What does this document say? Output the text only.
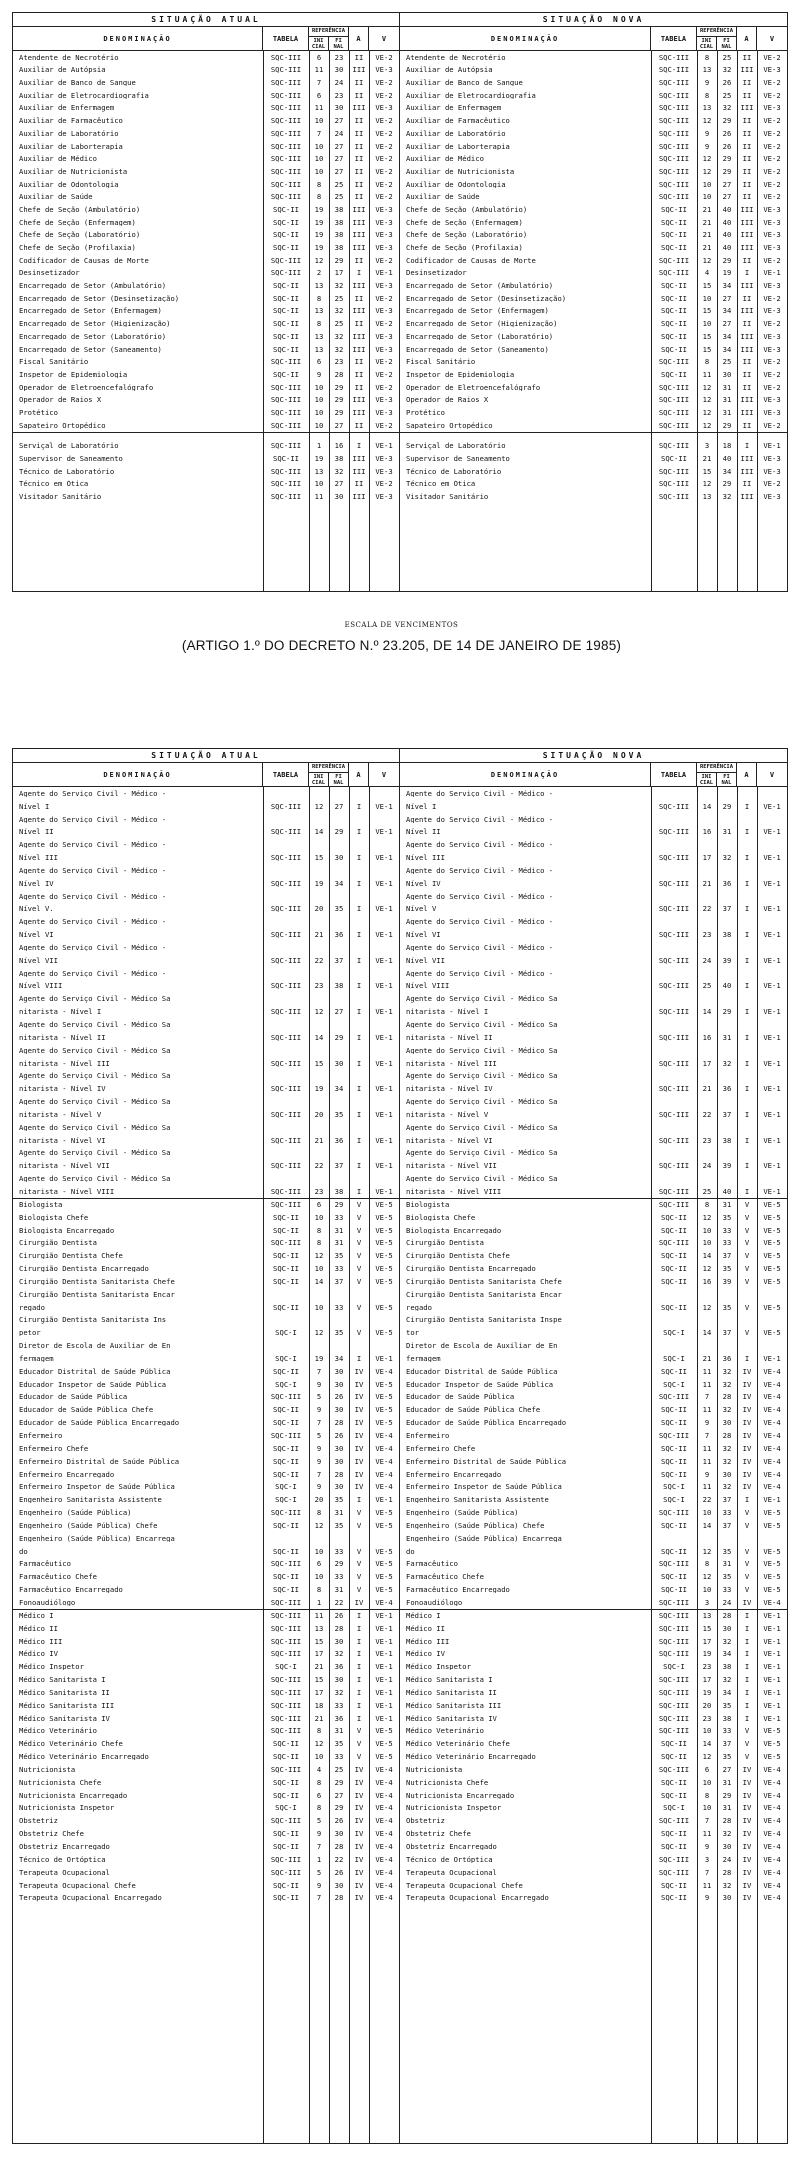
SITUAÇÃO ATUAL
DENOMINAÇÃO	TABELA
REFERÊNCIA
INI CIAL
FI NAL
A	V
Atendente de Necrotério	SQC-III	6	23	II	VE-2
Auxiliar de Autópsia	SQC-III	11	30	III	VE-3
Auxiliar de Banco de Sangue	SQC-III	7	24	II	VE-2
Auxiliar de Eletrocardiografia	SQC-III	6	23	II	VE-2
Auxiliar de Enfermagem	SQC-III	11	30	III	VE-3
Auxiliar de Farmacêutico	SQC-III	10	27	II	VE-2
Auxiliar de Laboratório	SQC-III	7	24	II	VE-2
Auxiliar de Laborterapia	SQC-III	10	27	II	VE-2
Auxiliar de Médico	SQC-III	10	27	II	VE-2
Auxiliar de Nutricionista	SQC-III	10	27	II	VE-2
Auxiliar de Odontologia	SQC-III	8	25	II	VE-2
Auxiliar de Saúde	SQC-III	8	25	II	VE-2
Chefe de Seção (Ambulatório)	SQC-II	19	38	III	VE-3
Chefe de Seção (Enfermagem)	SQC-II	19	38	III	VE-3
Chefe de Seção (Laboratório)	SQC-II	19	38	III	VE-3
Chefe de Seção (Profilaxia)	SQC-II	19	38	III	VE-3
Codificador de Causas de Morte	SQC-III	12	29	II	VE-2
Desinsetizador	SQC-III	2	17	I	VE-1
Encarregado de Setor (Ambulatório)	SQC-II	13	32	III	VE-3
Encarregado de Setor (Desinsetização)	SQC-II	8	25	II	VE-2
Encarregado de Setor (Enfermagem)	SQC-II	13	32	III	VE-3
Encarregado de Setor (Higienização)	SQC-II	8	25	II	VE-2
Encarregado de Setor (Laboratório)	SQC-II	13	32	III	VE-3
Encarregado de Setor (Saneamento)	SQC-II	13	32	III	VE-3
Fiscal Sanitário	SQC-III	6	23	II	VE-2
Inspetor de Epidemiologia	SQC-II	9	28	II	VE-2
Operador de Eletroencefalógrafo	SQC-III	10	29	II	VE-2
Operador de Raios X	SQC-III	10	29	III	VE-3
Protético	SQC-III	10	29	III	VE-3
Sapateiro Ortopédico	SQC-III	10	27	II	VE-2
Serviçal de Laboratório	SQC-III	1	16	I	VE-1
Supervisor de Saneamento	SQC-II	19	38	III	VE-3
Técnico de Laboratório	SQC-III	13	32	III	VE-3
Técnico em Ótica	SQC-III	10	27	II	VE-2
Visitador Sanitário	SQC-III	11	30	III	VE-3
SITUAÇÃO NOVA
DENOMINAÇÃO	TABELA
REFERÊNCIA
INI CIAL
FI NAL
A	V
Atendente de Necrotério	SQC-III	8	25	II	VE-2
Auxiliar de Autópsia	SQC-III	13	32	III	VE-3
Auxiliar de Banco de Sangue	SQC-III	9	26	II	VE-2
Auxiliar de Eletrocardiografia	SQC-III	8	25	II	VE-2
Auxiliar de Enfermagem	SQC-III	13	32	III	VE-3
Auxiliar de Farmacêutico	SQC-III	12	29	II	VE-2
Auxiliar de Laboratório	SQC-III	9	26	II	VE-2
Auxiliar de Laborterapia	SQC-III	9	26	II	VE-2
Auxiliar de Médico	SQC-III	12	29	II	VE-2
Auxiliar de Nutricionista	SQC-III	12	29	II	VE-2
Auxiliar de Odontologia	SQC-III	10	27	II	VE-2
Auxiliar de Saúde	SQC-III	10	27	II	VE-2
Chefe de Seção (Ambulatório)	SQC-II	21	40	III	VE-3
Chefe de Seção (Enfermagem)	SQC-II	21	40	III	VE-3
Chefe de Seção (Laboratório)	SQC-II	21	40	III	VE-3
Chefe de Seção (Profilaxia)	SQC-II	21	40	III	VE-3
Codificador de Causas de Morte	SQC-III	12	29	II	VE-2
Desinsetizador	SQC-III	4	19	I	VE-1
Encarregado de Setor (Ambulatório)	SQC-II	15	34	III	VE-3
Encarregado de Setor (Desinsetização)	SQC-II	10	27	II	VE-2
Encarregado de Setor (Enfermagem)	SQC-II	15	34	III	VE-3
Encarregado de Setor (Higienização)	SQC-II	10	27	II	VE-2
Encarregado de Setor (Laboratório)	SQC-II	15	34	III	VE-3
Encarregado de Setor (Saneamento)	SQC-II	15	34	III	VE-3
Fiscal Sanitário	SQC-III	8	25	II	VE-2
Inspetor de Epidemiologia	SQC-II	11	30	II	VE-2
Operador de Eletroencefalógrafo	SQC-III	12	31	II	VE-2
Operador de Raios X	SQC-III	12	31	III	VE-3
Protético	SQC-III	12	31	III	VE-3
Sapateiro Ortopédico	SQC-III	12	29	II	VE-2
Serviçal de Laboratório	SQC-III	3	18	I	VE-1
Supervisor de Saneamento	SQC-II	21	40	III	VE-3
Técnico de Laboratório	SQC-III	15	34	III	VE-3
Técnico em Ótica	SQC-III	12	29	II	VE-2
Visitador Sanitário	SQC-III	13	32	III	VE-3
ESCALA DE VENCIMENTOS
(ARTIGO 1.º DO DECRETO N.º 23.205, DE 14 DE JANEIRO DE 1985)
SITUAÇÃO ATUAL
DENOMINAÇÃO	TABELA
REFERÊNCIA
INI CIAL
FI NAL
A	V
Agente do Serviço Civil - Médico -
Nível I	SQC-III	12	27	I	VE-1
Agente do Serviço Civil - Médico -
Nível II	SQC-III	14	29	I	VE-1
Agente do Serviço Civil - Médico -
Nível III	SQC-III	15	30	I	VE-1
Agente do Serviço Civil - Médico -
Nível IV	SQC-III	19	34	I	VE-1
Agente do Serviço Civil - Médico -
Nível V.	SQC-III	20	35	I	VE-1
Agente do Serviço Civil - Médico -
Nível VI	SQC-III	21	36	I	VE-1
Agente do Serviço Civil - Médico -
Nível VII	SQC-III	22	37	I	VE-1
Agente do Serviço Civil - Médico -
Nível VIII	SQC-III	23	38	I	VE-1
Agente do Serviço Civil - Médico Sa
nitarista - Nível I	SQC-III	12	27	I	VE-1
Agente do Serviço Civil - Médico Sa
nitarista - Nível II	SQC-III	14	29	I	VE-1
Agente do Serviço Civil - Médico Sa
nitarista - Nível III	SQC-III	15	30	I	VE-1
Agente do Serviço Civil - Médico Sa
nitarista - Nível IV	SQC-III	19	34	I	VE-1
Agente do Serviço Civil - Médico Sa
nitarista - Nível V	SQC-III	20	35	I	VE-1
Agente do Serviço Civil - Médico Sa
nitarista - Nível VI	SQC-III	21	36	I	VE-1
Agente do Serviço Civil - Médico Sa
nitarista - Nível VII	SQC-III	22	37	I	VE-1
Agente do Serviço Civil - Médico Sa
nitarista - Nível VIII	SQC-III	23	38	I	VE-1
Biologista	SQC-III	6	29	V	VE-5
Biologista Chefe	SQC-II	10	33	V	VE-5
Biologista Encarregado	SQC-II	8	31	V	VE-5
Cirurgião Dentista	SQC-III	8	31	V	VE-5
Cirurgião Dentista Chefe	SQC-II	12	35	V	VE-5
Cirurgião Dentista Encarregado	SQC-II	10	33	V	VE-5
Cirurgião Dentista Sanitarista Chefe	SQC-II	14	37	V	VE-5
Cirurgião Dentista Sanitarista Encar
regado	SQC-II	10	33	V	VE-5
Cirurgião Dentista Sanitarista Ins
petor	SQC-I	12	35	V	VE-5
Diretor de Escola de Auxiliar de En
fermagem	SQC-I	19	34	I	VE-1
Educador Distrital de Saúde Pública	SQC-II	7	30	IV	VE-4
Educador Inspetor de Saúde Pública	SQC-I	9	30	IV	VE-5
Educador de Saúde Pública	SQC-III	5	26	IV	VE-5
Educador de Saúde Pública Chefe	SQC-II	9	30	IV	VE-5
Educador de Saúde Pública Encarregado	SQC-II	7	28	IV	VE-5
Enfermeiro	SQC-III	5	26	IV	VE-4
Enfermeiro Chefe	SQC-II	9	30	IV	VE-4
Enfermeiro Distrital de Saúde Pública	SQC-II	9	30	IV	VE-4
Enfermeiro Encarregado	SQC-II	7	28	IV	VE-4
Enfermeiro Inspetor de Saúde Pública	SQC-I	9	30	IV	VE-4
Engenheiro Sanitarista Assistente	SQC-I	20	35	I	VE-1
Engenheiro (Saúde Pública)	SQC-III	8	31	V	VE-5
Engenheiro (Saúde Pública) Chefe	SQC-II	12	35	V	VE-5
Engenheiro (Saúde Pública) Encarrega
do	SQC-II	10	33	V	VE-5
Farmacêutico	SQC-III	6	29	V	VE-5
Farmacêutico Chefe	SQC-II	10	33	V	VE-5
Farmacêutico Encarregado	SQC-II	8	31	V	VE-5
Fonoaudiólogo	SQC-III	1	22	IV	VE-4
Médico I	SQC-III	11	26	I	VE-1
Médico II	SQC-III	13	28	I	VE-1
Médico III	SQC-III	15	30	I	VE-1
Médico IV	SQC-III	17	32	I	VE-1
Médico Inspetor	SQC-I	21	36	I	VE-1
Médico Sanitarista I	SQC-III	15	30	I	VE-1
Médico Sanitarista II	SQC-III	17	32	I	VE-1
Médico Sanitarista III	SQC-III	18	33	I	VE-1
Médico Sanitarista IV	SQC-III	21	36	I	VE-1
Médico Veterinário	SQC-III	8	31	V	VE-5
Médico Veterinário Chefe	SQC-II	12	35	V	VE-5
Médico Veterinário Encarregado	SQC-II	10	33	V	VE-5
Nutricionista	SQC-III	4	25	IV	VE-4
Nutricionista Chefe	SQC-II	8	29	IV	VE-4
Nutricionista Encarregado	SQC-II	6	27	IV	VE-4
Nutricionista Inspetor	SQC-I	8	29	IV	VE-4
Obstetriz	SQC-III	5	26	IV	VE-4
Obstetriz Chefe	SQC-II	9	30	IV	VE-4
Obstetriz Encarregado	SQC-II	7	28	IV	VE-4
Técnico de Ortóptica	SQC-III	1	22	IV	VE-4
Terapeuta Ocupacional	SQC-III	5	26	IV	VE-4
Terapeuta Ocupacional Chefe	SQC-II	9	30	IV	VE-4
Terapeuta Ocupacional Encarregado	SQC-II	7	28	IV	VE-4
SITUAÇÃO NOVA
DENOMINAÇÃO	TABELA
REFERÊNCIA
INI CIAL
FI NAL
A	V
Agente do Serviço Civil - Médico -
Nível I	SQC-III	14	29	I	VE-1
Agente do Serviço Civil - Médico -
Nível II	SQC-III	16	31	I	VE-1
Agente do Serviço Civil - Médico -
Nível III	SQC-III	17	32	I	VE-1
Agente do Serviço Civil - Médico -
Nível IV	SQC-III	21	36	I	VE-1
Agente do Serviço Civil - Médico -
Nível V	SQC-III	22	37	I	VE-1
Agente do Serviço Civil - Médico -
Nível VI	SQC-III	23	38	I	VE-1
Agente do Serviço Civil - Médico -
Nível VII	SQC-III	24	39	I	VE-1
Agente do Serviço Civil - Médico -
Nível VIII	SQC-III	25	40	I	VE-1
Agente do Serviço Civil - Médico Sa
nitarista - Nível I	SQC-III	14	29	I	VE-1
Agente do Serviço Civil - Médico Sa
nitarista - Nível II	SQC-III	16	31	I	VE-1
Agente do Serviço Civil - Médico Sa
nitarista - Nível III	SQC-III	17	32	I	VE-1
Agente do Serviço Civil - Médico Sa
nitarista - Nível IV	SQC-III	21	36	I	VE-1
Agente do Serviço Civil - Médico Sa
nitarista - Nível V	SQC-III	22	37	I	VE-1
Agente do Serviço Civil - Médico Sa
nitarista - Nível VI	SQC-III	23	38	I	VE-1
Agente do Serviço Civil - Médico Sa
nitarista - Nível VII	SQC-III	24	39	I	VE-1
Agente do Serviço Civil - Médico Sa
nitarista - Nível VIII	SQC-III	25	40	I	VE-1
Biologista	SQC-III	8	31	V	VE-5
Biologista Chefe	SQC-II	12	35	V	VE-5
Biologista Encarregado	SQC-II	10	33	V	VE-5
Cirurgião Dentista	SQC-III	10	33	V	VE-5
Cirurgião Dentista Chefe	SQC-II	14	37	V	VE-5
Cirurgião Dentista Encarregado	SQC-II	12	35	V	VE-5
Cirurgião Dentista Sanitarista Chefe	SQC-II	16	39	V	VE-5
Cirurgião Dentista Sanitarista Encar
regado	SQC-II	12	35	V	VE-5
Cirurgião Dentista Sanitarista Inspe
tor	SQC-I	14	37	V	VE-5
Diretor de Escola de Auxiliar de En
fermagem	SQC-I	21	36	I	VE-1
Educador Distrital de Saúde Pública	SQC-II	11	32	IV	VE-4
Educador Inspetor de Saúde Pública	SQC-I	11	32	IV	VE-4
Educador de Saúde Pública	SQC-III	7	28	IV	VE-4
Educador de Saúde Pública Chefe	SQC-II	11	32	IV	VE-4
Educador de Saúde Pública Encarregado	SQC-II	9	30	IV	VE-4
Enfermeiro	SQC-III	7	28	IV	VE-4
Enfermeiro Chefe	SQC-II	11	32	IV	VE-4
Enfermeiro Distrital de Saúde Pública	SQC-II	11	32	IV	VE-4
Enfermeiro Encarregado	SQC-II	9	30	IV	VE-4
Enfermeiro Inspetor de Saúde Pública	SQC-I	11	32	IV	VE-4
Engenheiro Sanitarista Assistente	SQC-I	22	37	I	VE-1
Engenheiro (Saúde Pública)	SQC-III	10	33	V	VE-5
Engenheiro (Saúde Pública) Chefe	SQC-II	14	37	V	VE-5
Engenheiro (Saúde Pública) Encarrega
do	SQC-II	12	35	V	VE-5
Farmacêutico	SQC-III	8	31	V	VE-5
Farmacêutico Chefe	SQC-II	12	35	V	VE-5
Farmacêutico Encarregado	SQC-II	10	33	V	VE-5
Fonoaudiólogo	SQC-III	3	24	IV	VE-4
Médico I	SQC-III	13	28	I	VE-1
Médico II	SQC-III	15	30	I	VE-1
Médico III	SQC-III	17	32	I	VE-1
Médico IV	SQC-III	19	34	I	VE-1
Médico Inspetor	SQC-I	23	38	I	VE-1
Médico Sanitarista I	SQC-III	17	32	I	VE-1
Médico Sanitarista II	SQC-III	19	34	I	VE-1
Médico Sanitarista III	SQC-III	20	35	I	VE-1
Médico Sanitarista IV	SQC-III	23	38	I	VE-1
Médico Veterinário	SQC-III	10	33	V	VE-5
Médico Veterinário Chefe	SQC-II	14	37	V	VE-5
Médico Veterinário Encarregado	SQC-II	12	35	V	VE-5
Nutricionista	SQC-III	6	27	IV	VE-4
Nutricionista Chefe	SQC-II	10	31	IV	VE-4
Nutricionista Encarregado	SQC-II	8	29	IV	VE-4
Nutricionista Inspetor	SQC-I	10	31	IV	VE-4
Obstetriz	SQC-III	7	28	IV	VE-4
Obstetriz Chefe	SQC-II	11	32	IV	VE-4
Obstetriz Encarregado	SQC-II	9	30	IV	VE-4
Técnico de Ortóptica	SQC-III	3	24	IV	VE-4
Terapeuta Ocupacional	SQC-III	7	28	IV	VE-4
Terapeuta Ocupacional Chefe	SQC-II	11	32	IV	VE-4
Terapeuta Ocupacional Encarregado	SQC-II	9	30	IV	VE-4
